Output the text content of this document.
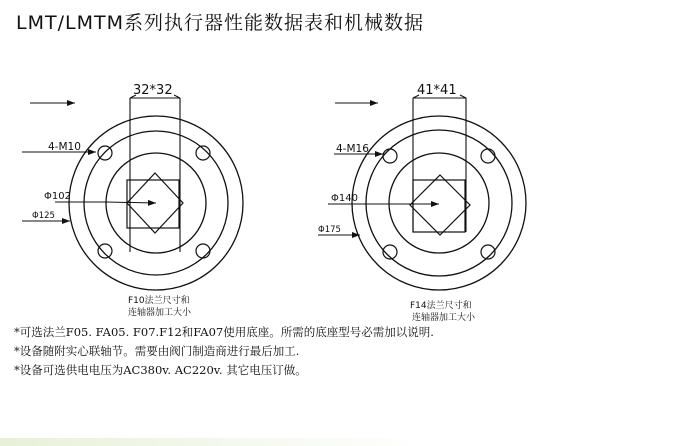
LMT/LMTM系列执行器性能数据表和机械数据
32*32
4-M10
Φ102
Φ125
F10法兰尺寸和
连轴器加工大小
41*41
4-M16
Φ140
Φ175
F14法兰尺寸和
连轴器加工大小
*可选法兰F05. FA05. F07.F12和FA07使用底座。所需的底座型号必需加以说明.
*设备随附实心联轴节。需要由阀门制造商进行最后加工.
*设备可选供电电压为AC380v. AC220v. 其它电压订做。
